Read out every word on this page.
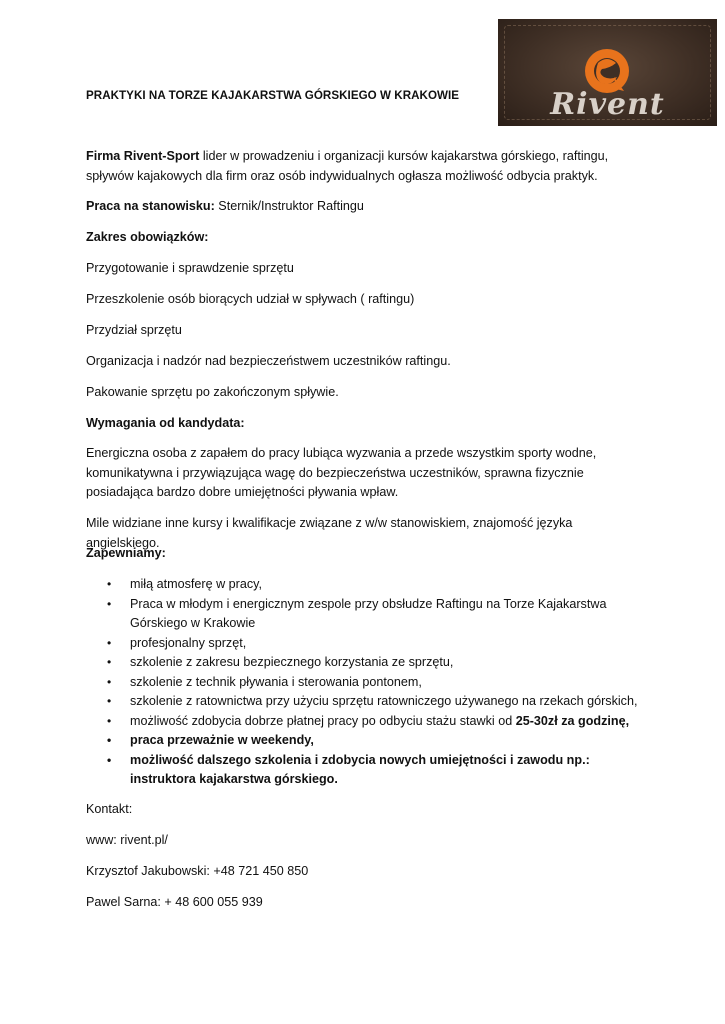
Rivent
PRAKTYKI NA TORZE KAJAKARSTWA GÓRSKIEGO W KRAKOWIE

Firma Rivent-Sport lider w prowadzeniu i organizacji kursów kajakarstwa górskiego, raftingu, spływów kajakowych dla firm oraz osób indywidualnych ogłasza możliwość odbycia praktyk.

Praca na stanowisku: Sternik/Instruktor Raftingu

Zakres obowiązków:

Przygotowanie i sprawdzenie sprzętu

Przeszkolenie osób biorących udział w spływach ( raftingu)

Przydział sprzętu

Organizacja i nadzór nad bezpieczeństwem uczestników raftingu.

Pakowanie sprzętu po zakończonym spływie.

Wymagania od kandydata:

Energiczna osoba z zapałem do pracy lubiąca wyzwania a przede wszystkim sporty wodne, komunikatywna i przywiązująca wagę do bezpieczeństwa uczestników, sprawna fizycznie posiadająca bardzo dobre umiejętności pływania wpław.

Mile widziane inne kursy i kwalifikacje związane z w/w stanowiskiem, znajomość języka angielskiego.

Zapewniamy:

• miłą atmosferę w pracy,
• Praca w młodym i energicznym zespole przy obsłudze Raftingu na Torze Kajakarstwa Górskiego w Krakowie
• profesjonalny sprzęt,
• szkolenie z zakresu bezpiecznego korzystania ze sprzętu,
• szkolenie z technik pływania i sterowania pontonem,
• szkolenie z ratownictwa przy użyciu sprzętu ratowniczego używanego na rzekach górskich,
• możliwość zdobycia dobrze płatnej pracy po odbyciu stażu stawki od 25-30zł za godzinę,
• praca przeważnie w weekendy,
• możliwość dalszego szkolenia i zdobycia nowych umiejętności i zawodu np.: instruktora kajakarstwa górskiego.

Kontakt:

www: rivent.pl/

Krzysztof Jakubowski: +48 721 450 850

Pawel Sarna: + 48 600 055 939
